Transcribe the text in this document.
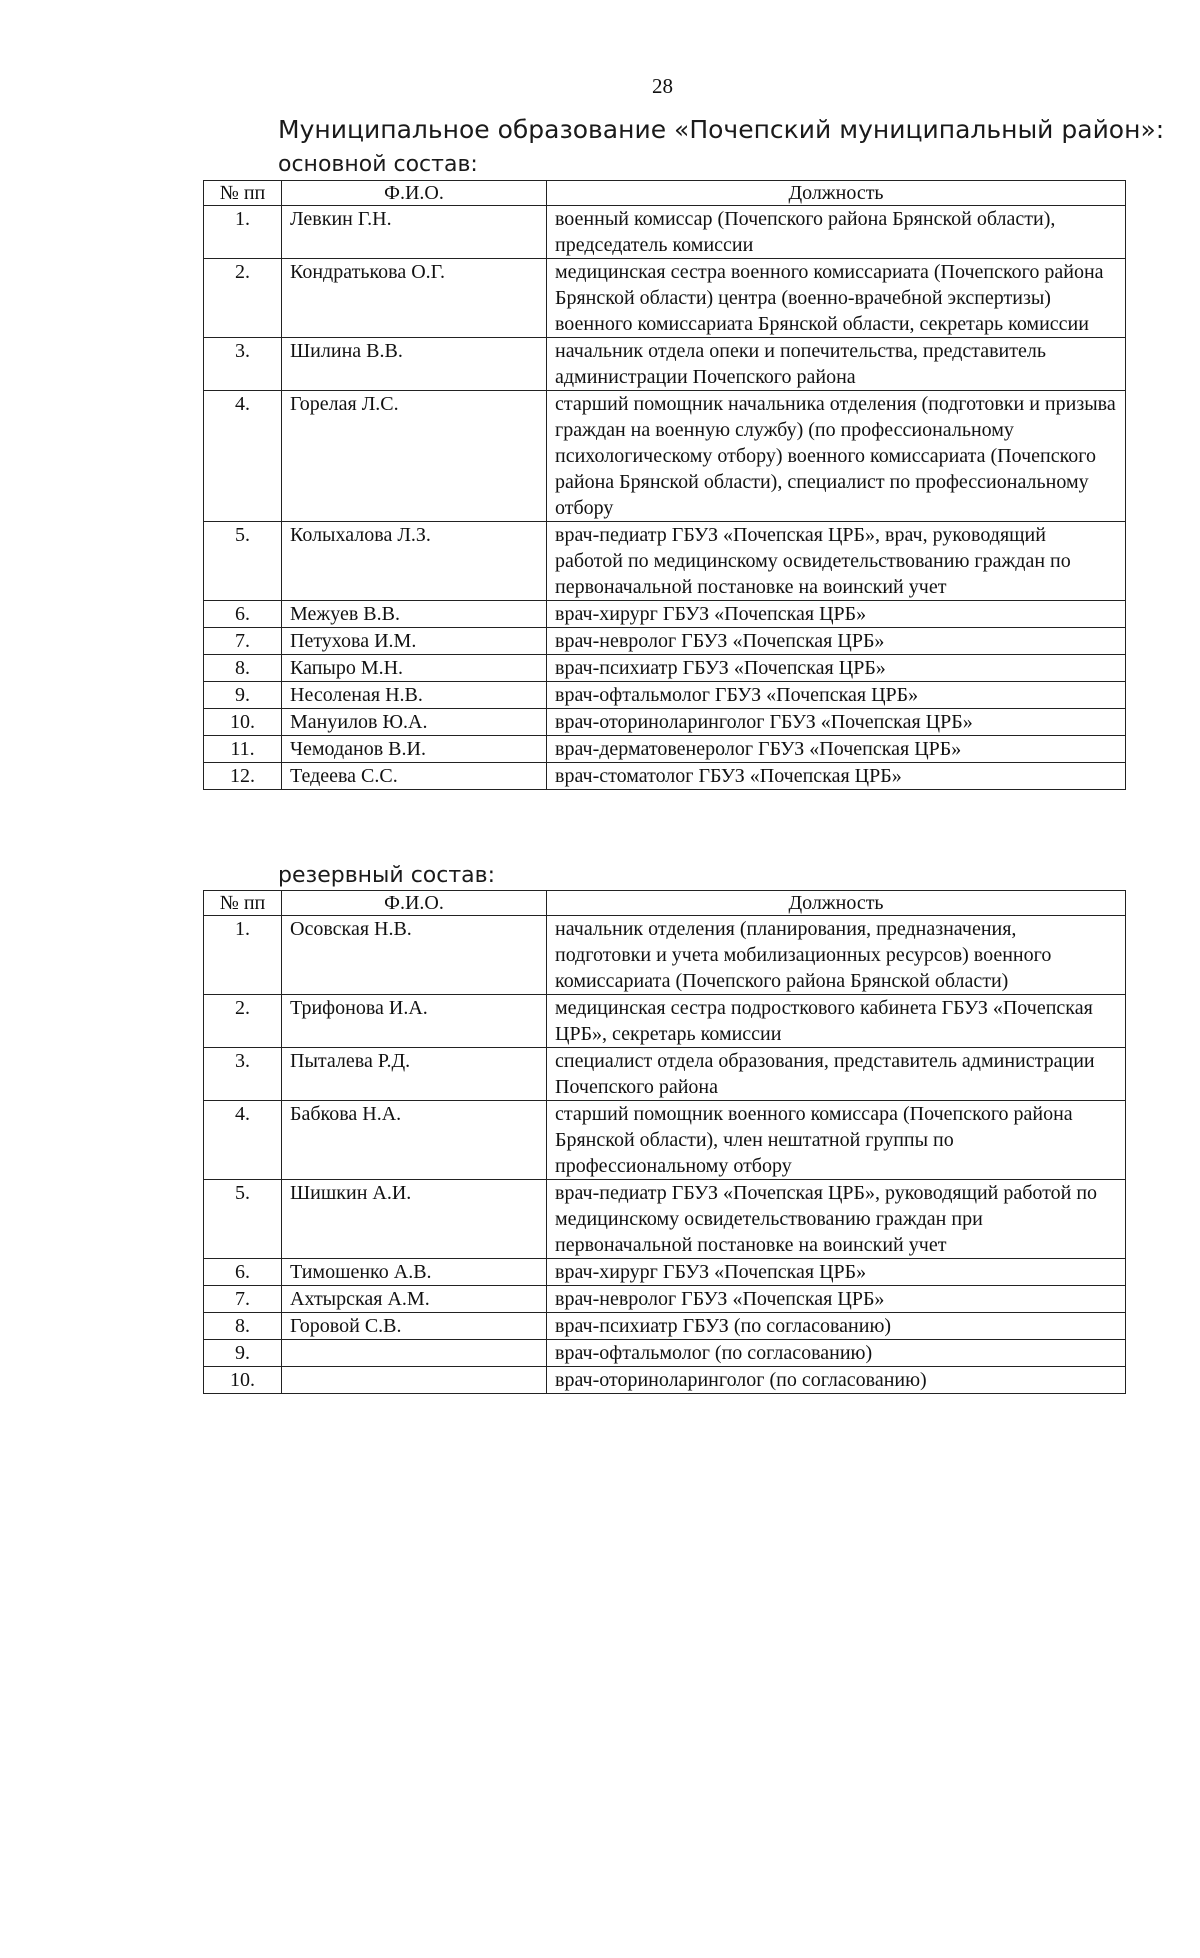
28
Муниципальное образование «Почепский муниципальный район»:
основной состав:
№ пп	Ф.И.О.	Должность
1.	Левкин Г.Н.	военный комиссар (Почепского района Брянской области), председатель комиссии
2.	Кондратькова О.Г.	медицинская сестра военного комиссариата (Почепского района Брянской области) центра (военно-врачебной экспертизы) военного комиссариата Брянской области, секретарь комиссии
3.	Шилина В.В.	начальник отдела опеки и попечительства, представитель администрации Почепского района
4.	Горелая Л.С.	старший помощник начальника отделения (подготовки и призыва граждан на военную службу) (по профессиональному психологическому отбору) военного комиссариата (Почепского района Брянской области), специалист по профессиональному отбору
5.	Колыхалова Л.З.	врач-педиатр ГБУЗ «Почепская ЦРБ», врач, руководящий работой по медицинскому освидетельствованию граждан по первоначальной постановке на воинский учет
6.	Межуев В.В.	врач-хирург ГБУЗ «Почепская ЦРБ»
7.	Петухова И.М.	врач-невролог ГБУЗ «Почепская ЦРБ»
8.	Капыро М.Н.	врач-психиатр ГБУЗ «Почепская ЦРБ»
9.	Несоленая Н.В.	врач-офтальмолог ГБУЗ «Почепская ЦРБ»
10.	Мануилов Ю.А.	врач-оториноларинголог ГБУЗ «Почепская ЦРБ»
11.	Чемоданов В.И.	врач-дерматовенеролог ГБУЗ «Почепская ЦРБ»
12.	Тедеева С.С.	врач-стоматолог ГБУЗ «Почепская ЦРБ»
резервный состав:
№ пп	Ф.И.О.	Должность
1.	Осовская Н.В.	начальник отделения (планирования, предназначения, подготовки и учета мобилизационных ресурсов) военного комиссариата (Почепского района Брянской области)
2.	Трифонова И.А.	медицинская сестра подросткового кабинета ГБУЗ «Почепская ЦРБ», секретарь комиссии
3.	Пыталева Р.Д.	специалист отдела образования, представитель администрации Почепского района
4.	Бабкова Н.А.	старший помощник военного комиссара (Почепского района Брянской области), член нештатной группы по профессиональному отбору
5.	Шишкин А.И.	врач-педиатр ГБУЗ «Почепская ЦРБ», руководящий работой по медицинскому освидетельствованию граждан при первоначальной постановке на воинский учет
6.	Тимошенко А.В.	врач-хирург ГБУЗ «Почепская ЦРБ»
7.	Ахтырская А.М.	врач-невролог ГБУЗ «Почепская ЦРБ»
8.	Горовой С.В.	врач-психиатр ГБУЗ (по согласованию)
9.		врач-офтальмолог (по согласованию)
10.		врач-оториноларинголог (по согласованию)
